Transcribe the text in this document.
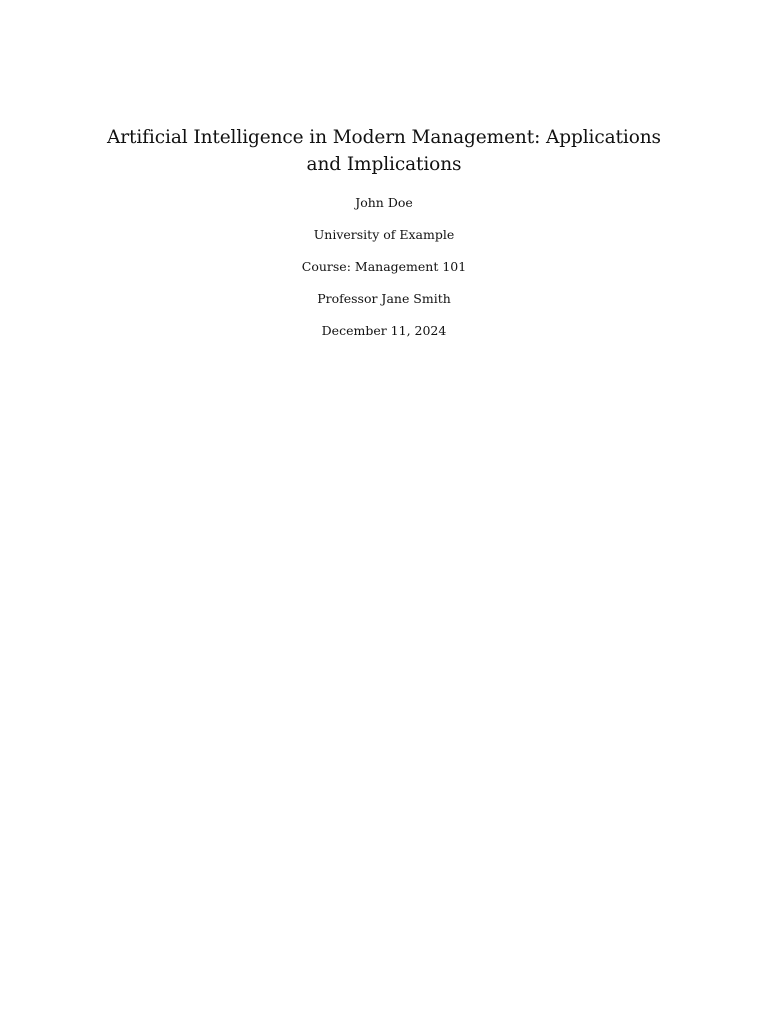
Artificial Intelligence in Modern Management: Applications and Implications

John Doe

University of Example

Course: Management 101

Professor Jane Smith

December 11, 2024
